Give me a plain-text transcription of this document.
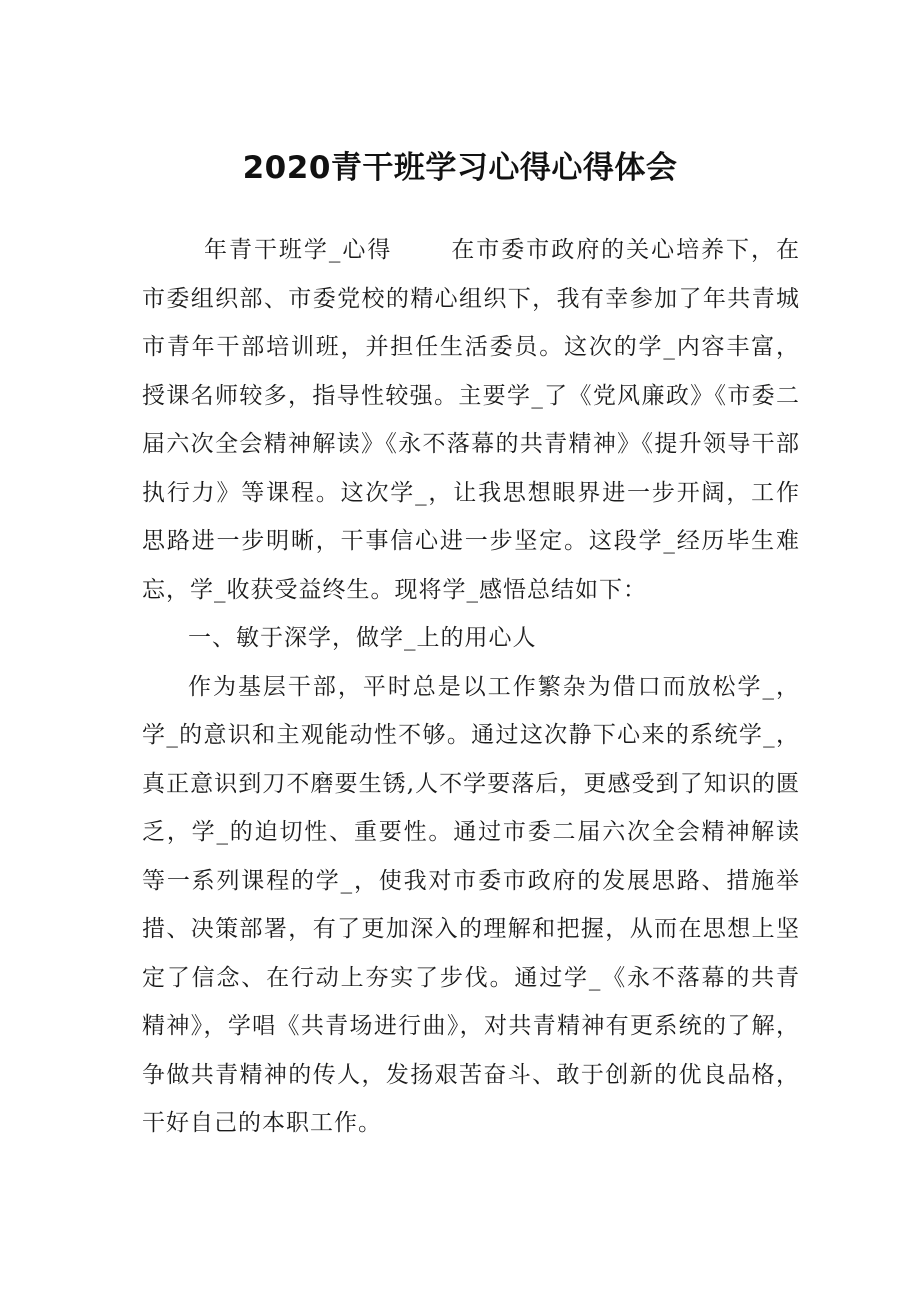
2020青干班学习心得心得体会

年青干班学_心得	在市委市政府的关心培养下，在市委组织部、市委党校的精心组织下，我有幸参加了年共青城市青年干部培训班，并担任生活委员。这次的学_内容丰富，授课名师较多，指导性较强。主要学_了《党风廉政》《市委二届六次全会精神解读》《永不落幕的共青精神》《提升领导干部执行力》等课程。这次学_，让我思想眼界进一步开阔，工作思路进一步明晰，干事信心进一步坚定。这段学_经历毕生难忘，学_收获受益终生。现将学_感悟总结如下：

一、敏于深学，做学_上的用心人

作为基层干部，平时总是以工作繁杂为借口而放松学_，学_的意识和主观能动性不够。通过这次静下心来的系统学_，真正意识到刀不磨要生锈,人不学要落后，更感受到了知识的匮乏，学_的迫切性、重要性。通过市委二届六次全会精神解读等一系列课程的学_，使我对市委市政府的发展思路、措施举措、决策部署，有了更加深入的理解和把握，从而在思想上坚定了信念、在行动上夯实了步伐。通过学_《永不落幕的共青精神》，学唱《共青场进行曲》，对共青精神有更系统的了解，争做共青精神的传人，发扬艰苦奋斗、敢于创新的优良品格，干好自己的本职工作。
